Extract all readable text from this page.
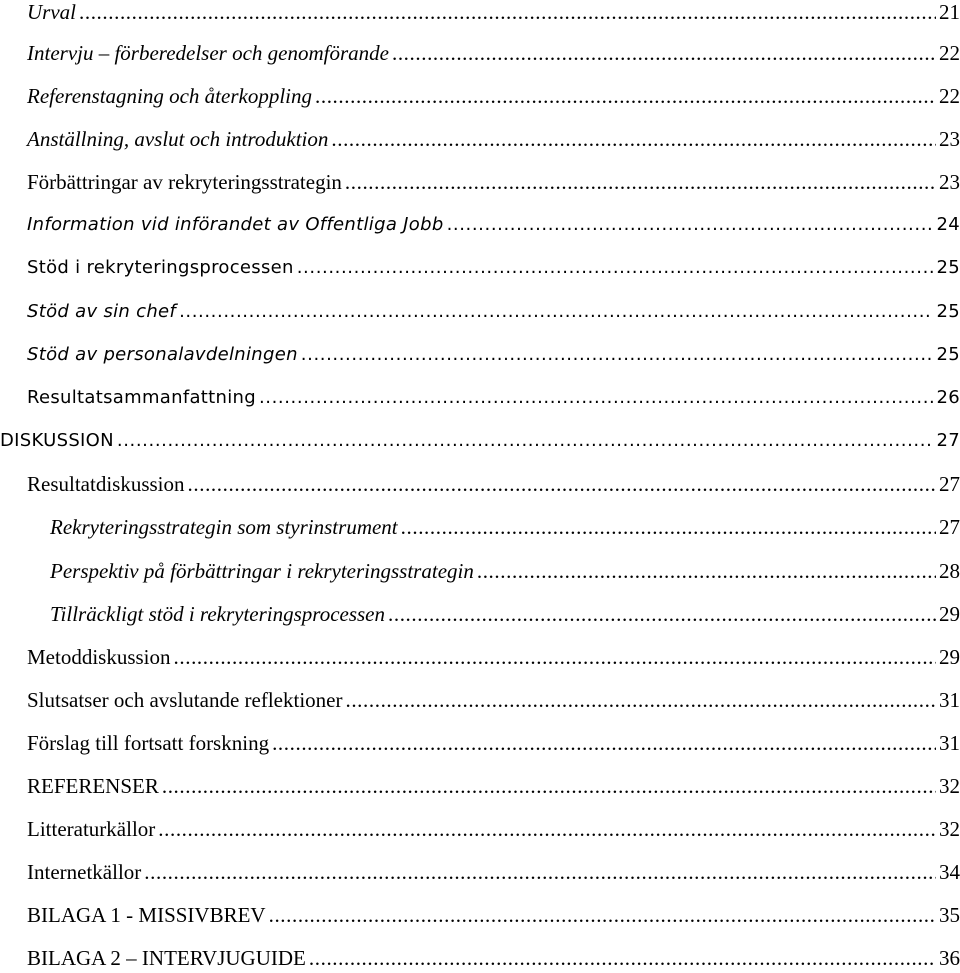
Urval .....	21
Intervju – förberedelser och genomförande .....	22
Referenstagning och återkoppling .....	22
Anställning, avslut och introduktion .....	23
Förbättringar av rekryteringsstrategin .....	23
Information vid införandet av Offentliga Jobb .....	24
Stöd i rekryteringsprocessen .....	25
Stöd av sin chef .....	25
Stöd av personalavdelningen .....	25
Resultatsammanfattning .....	26
DISKUSSION .....	27
Resultatdiskussion .....	27
Rekryteringsstrategin som styrinstrument .....	27
Perspektiv på förbättringar i rekryteringsstrategin .....	28
Tillräckligt stöd i rekryteringsprocessen .....	29
Metoddiskussion .....	29
Slutsatser och avslutande reflektioner .....	31
Förslag till fortsatt forskning .....	31
REFERENSER .....	32
Litteraturkällor .....	32
Internetkällor .....	34
BILAGA 1 - MISSIVBREV .....	35
BILAGA 2 – INTERVJUGUIDE .....	36
